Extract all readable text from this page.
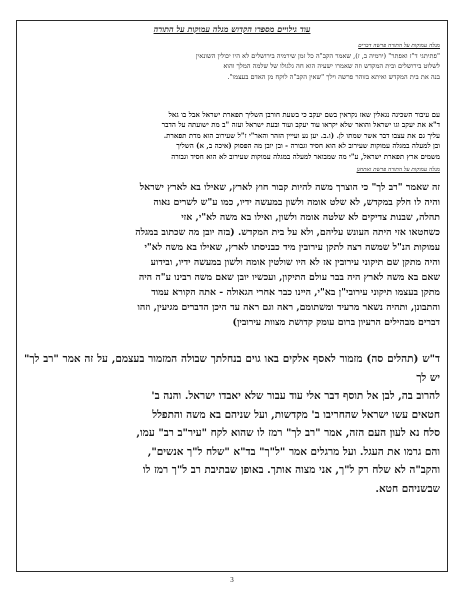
עוד גילויים מספרו הקדוש מגלה עמוקות על התורה
מגלה עמוקות על התורה פרשה דברים
"פתיתגי ד"ז ואפתר" (ירמיה ב, ז), שאמר הקב"ה כל זמן שירמיה בירושלים לא היו יכולין השונאין
לשלוט בירושלים ובית המקדש וזה שאמרו ישעיה הוא חה גלגולו של שלמה המלך והוא
בנה את בית המקדש ואיתא בזוהר פרשה וילך "שאין הקב"ה לוקח מן האדם בעצמו".
עם עיבור השכינה נגאלין שאז נקראין בשם יעקב כי בשעת חורבן השליך תפארת ישראל אבל בו גאל
ד"א את יעקב וגו ישראל והואר שלא יקראו עוד יעקב ועוד ובעת ישראל ועזה "ב מת ישועתה על הדבר
עליך גם את עצבו דבר אשר שמתו לן. (ו.ב. יען נע ועייין הזהר והאר"י ז"ל שעירוב הוא מדת תפארת.
ובן למעלה במגלה עמוקות שעירוב לא הוא חסיד וגבורה - ובן יובן מה הפסוק (איכה ב, א) השליך
משמים ארץ תפארת ישראל, ע"י מה שמבואר למעלה במגלה עמוקות שעירוב לא הוא חסיד וגבורה
מגלה עמוקות על התורה פרשת ואתחנן
זה שאמר "רב לך" כי הוצרך משה להיות קבור חוץ לארץ, שאילו בא לארץ ישראל
והיה לו חלק במקדש, לא שלט אומה ולשון במעשה ידיו, כמו ע"ש לשרים נאוה
תהלה, שבנות צדיקים לא שלטה אומה ולשון, ואילו בא משה לא"י, אזי
כשחטאו אזי היתה העונש עליהם, ולא על בית המקדש. (בזה יובן מה שכתוב במגלה
עמוקות הנ"ל שמשה רצה לתקן עירובין מיד כבניסתו לארץ, שאילו בא משה לא"י
והיה מתקן שם תיקוני עירובין אז לא היו שולטין אומה ולשון במעשה ידיו, ובידוע
שאם בא משה לארץ היה בבר עולם התיקון, ועכשיו יובן שאם משה רבינו ע"ה היה
מתקן בעצמו תיקוני עירובי"ן בא"י, היינו כבר אחרי הגאולה - אתה הקורא עמוד
והתבונן, ותהיה נשאר מרעיד ומשתומם, ראה וגם ראה עד היכן הדברים מגיעין, וזהו
דברים מבהילים הרעיון ברום עומק קדושת מצוות עירובין)
ד"ש (תהלים סה) מזמור לאסף אלקים באו גוים בנחלתך שבולה המזמור בעצמם, על זה אמר "רב לך" יש לך
להרוב בה, לבן אל תוסף דבר אלי עוד עבור שלא יאבדו ישראל. והנה ב'
חטאים עשו ישראל שהחריבו ב' מקדשות, ועל שניהם בא משה והתפלל
סלח נא לעון העם הזה, אמר "רב לך" רמז לו שהוא לקח "עיר"ב רב" עמו,
והם גרמו את העגל. ועל מרגלים אמר "ל"ך" בד"א "שלח ל"ך אנשים",
והקב"ה לא שלח רק ל"ך, אני מצוה אותך. באופן שבתיבת רב ל"ך רמז לו
שבשניהם חטא.
3
